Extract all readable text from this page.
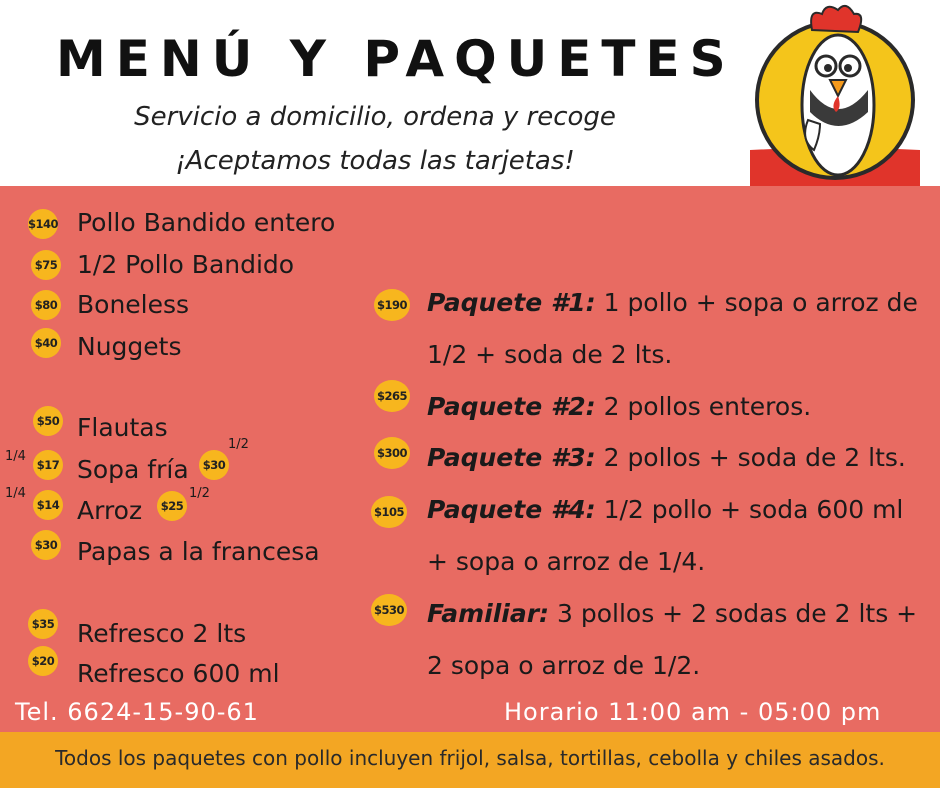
MENÚ Y PAQUETES
Servicio a domicilio, ordena y recoge
¡Aceptamos todas las tarjetas!
$140 Pollo Bandido entero
$75 1/2 Pollo Bandido
$80 Boneless
$40 Nuggets
$50 Flautas
1/4
$17 Sopa fría	$30
1/2
1/4
$14 Arroz	$25
1/2
$30 Papas a la francesa
$35 Refresco 2 lts
$20 Refresco 600 ml
$190 Paquete #1: 1 pollo + sopa o arroz de
1/2 + soda de 2 lts.
$265 Paquete #2: 2 pollos enteros.
$300 Paquete #3: 2 pollos + soda de 2 lts.
$105 Paquete #4: 1/2 pollo + soda 600 ml
+ sopa o arroz de 1/4.
$530 Familiar: 3 pollos + 2 sodas de 2 lts +
2 sopa o arroz de 1/2.
Tel. 6624-15-90-61	Horario 11:00 am - 05:00 pm
Todos los paquetes con pollo incluyen frijol, salsa, tortillas, cebolla y chiles asados.
